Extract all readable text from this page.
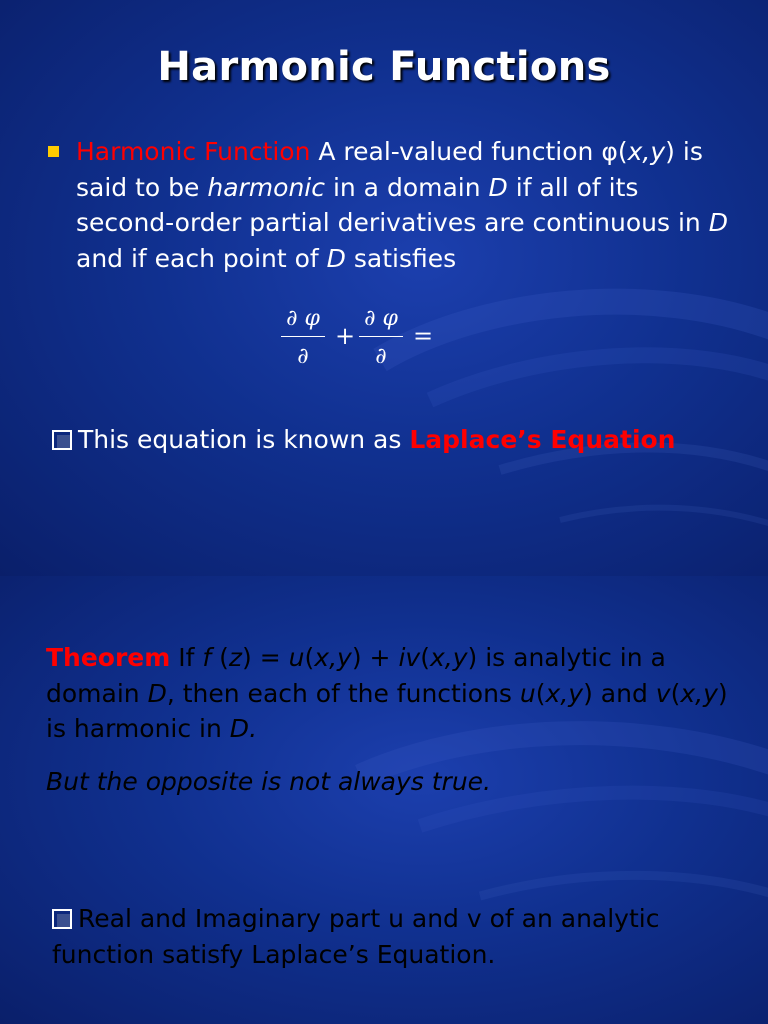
Harmonic Functions
Harmonic Function A real-valued function φ(x,y) is said to be harmonic in a domain D if all of its second-order partial derivatives are continuous in D and if each point of D satisfies
∂ φ
∂
+
∂ φ
∂
=
This equation is known as Laplace’s Equation
Theorem If f (z) = u(x,y) + iv(x,y) is analytic in a domain D, then each of the functions u(x,y) and v(x,y) is harmonic in D.
But the opposite is not always true.
Real and Imaginary part u and v of an analytic function satisfy Laplace’s Equation.
